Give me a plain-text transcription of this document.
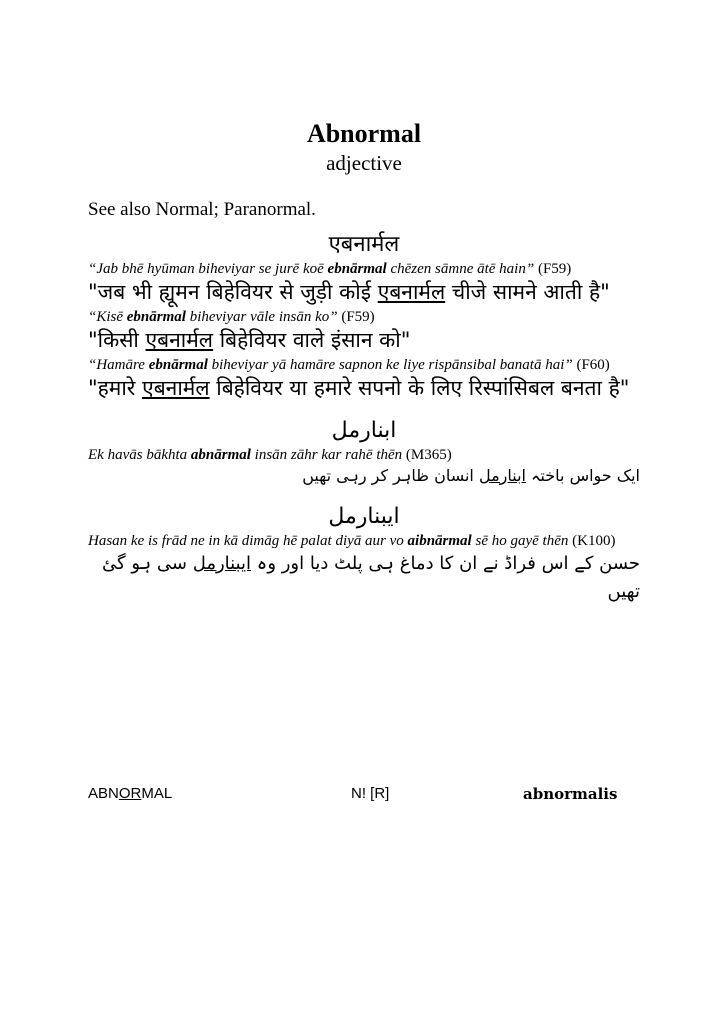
Abnormal
adjective
See also Normal; Paranormal.
एबनार्मल
“Jab bhē hyūman biheviyar se jurē koē ebnārmal chēzen sāmne ātē hain” (F59)
"जब भी ह्यूमन बिहेवियर से जुड़ी कोई एबनार्मल चीजे सामने आती है"
“Kisē ebnārmal biheviyar vāle insān ko” (F59)
"किसी एबनार्मल बिहेवियर वाले इंसान को"
“Hamāre ebnārmal biheviyar yā hamāre sapnon ke liye rispānsibal banatā hai” (F60)
"हमारे एबनार्मल बिहेवियर या हमारे सपनो के लिए रिस्पांसिबल बनता है"
ابنارمل
Ek havās bākhta abnārmal insān zāhr kar rahē thēn (M365)
ایک حواس باختہ ابنارمل انسان ظاہر کر رہی تھیں
ایبنارمل
Hasan ke is frād ne in kā dimāg hē palat diyā aur vo aibnārmal sē ho gayē thēn (K100)
حسن کے اس فراڈ نے ان کا دماغ ہی پلٹ دیا اور وہ ایبنارمل سی ہو گئ تھیں
ABNORMAL	N! [R]	abnormalis
